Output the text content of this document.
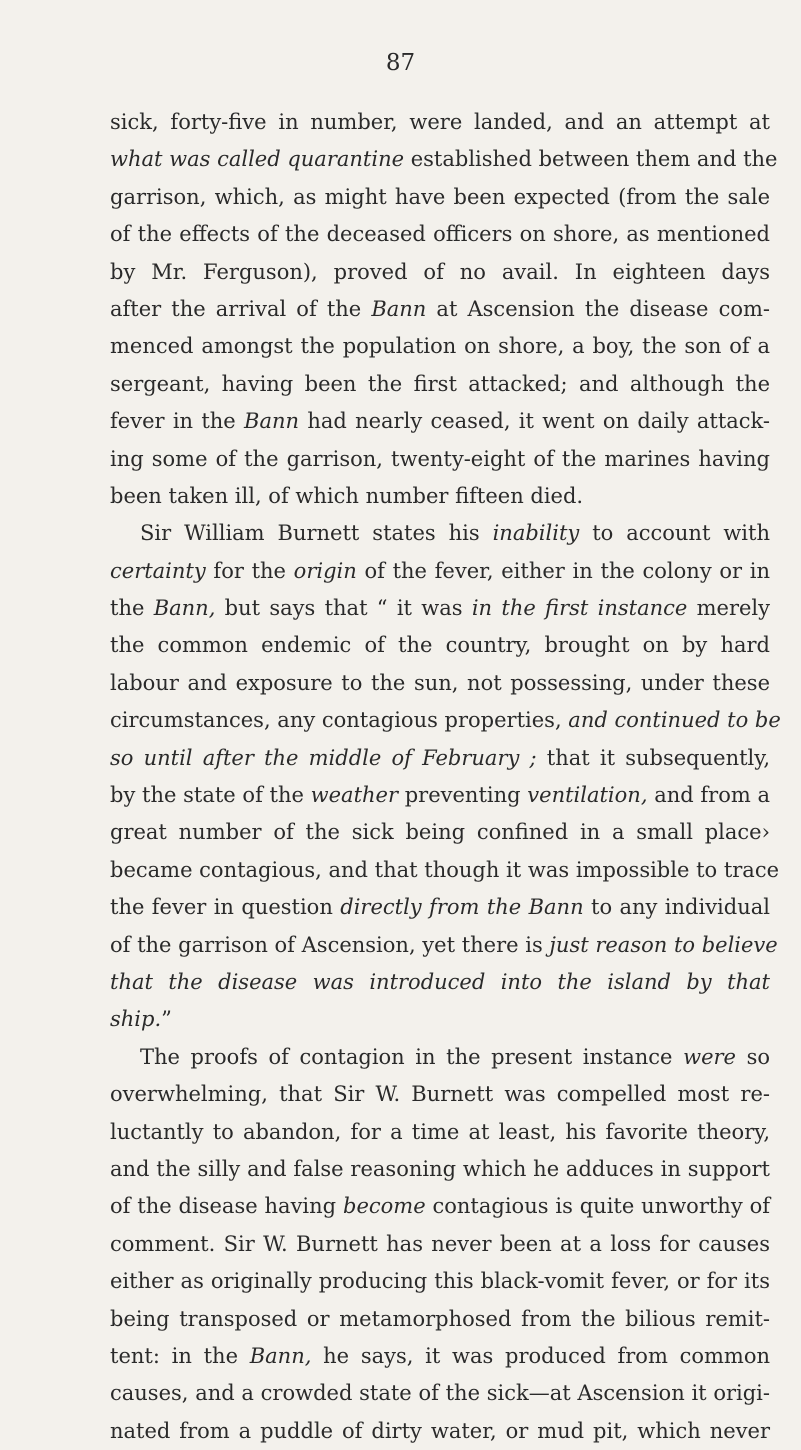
87
sick, forty-five in number, were landed, and an attempt at
what was called quarantine established between them and the
garrison, which, as might have been expected (from the sale
of the effects of the deceased officers on shore, as mentioned
by Mr. Ferguson), proved of no avail. In eighteen days
after the arrival of the Bann at Ascension the disease com-
menced amongst the population on shore, a boy, the son of a
sergeant, having been the first attacked; and although the
fever in the Bann had nearly ceased, it went on daily attack-
ing some of the garrison, twenty-eight of the marines having
been taken ill, of which number fifteen died.
Sir William Burnett states his inability to account with
certainty for the origin of the fever, either in the colony or in
the Bann, but says that “ it was in the first instance merely
the common endemic of the country, brought on by hard
labour and exposure to the sun, not possessing, under these
circumstances, any contagious properties, and continued to be
so until after the middle of February ; that it subsequently,
by the state of the weather preventing ventilation, and from a
great number of the sick being confined in a small place›
became contagious, and that though it was impossible to trace
the fever in question directly from the Bann to any individual
of the garrison of Ascension, yet there is just reason to believe
that the disease was introduced into the island by that
ship.”
The proofs of contagion in the present instance were so
overwhelming, that Sir W. Burnett was compelled most re-
luctantly to abandon, for a time at least, his favorite theory,
and the silly and false reasoning which he adduces in support
of the disease having become contagious is quite unworthy of
comment. Sir W. Burnett has never been at a loss for causes
either as originally producing this black-vomit fever, or for its
being transposed or metamorphosed from the bilious remit-
tent: in the Bann, he says, it was produced from common
causes, and a crowded state of the sick—at Ascension it origi-
nated from a puddle of dirty water, or mud pit, which never
